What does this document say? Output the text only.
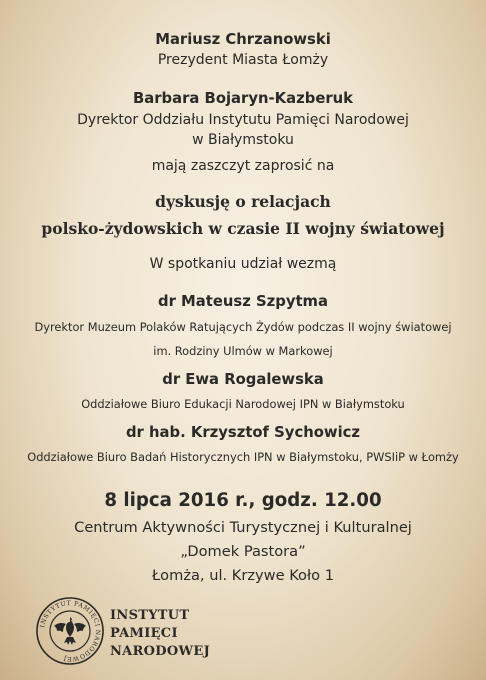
Mariusz Chrzanowski
Prezydent Miasta Łomży
Barbara Bojaryn-Kazberuk
Dyrektor Oddziału Instytutu Pamięci Narodowej
w Białymstoku
mają zaszczyt zaprosić na
dyskusję o relacjach
polsko-żydowskich w czasie II wojny światowej
W spotkaniu udział wezmą
dr Mateusz Szpytma
Dyrektor Muzeum Polaków Ratujących Żydów podczas II wojny światowej
im. Rodziny Ulmów w Markowej
dr Ewa Rogalewska
Oddziałowe Biuro Edukacji Narodowej IPN w Białymstoku
dr hab. Krzysztof Sychowicz
Oddziałowe Biuro Badań Historycznych IPN w Białymstoku, PWSIiP w Łomży
8 lipca 2016 r., godz. 12.00
Centrum Aktywności Turystycznej i Kulturalnej
„Domek Pastora”
Łomża, ul. Krzywe Koło 1
INSTYTUT PAMIĘCI NARODOWEJ
INSTYTUT
PAMIĘCI
NARODOWEJ
